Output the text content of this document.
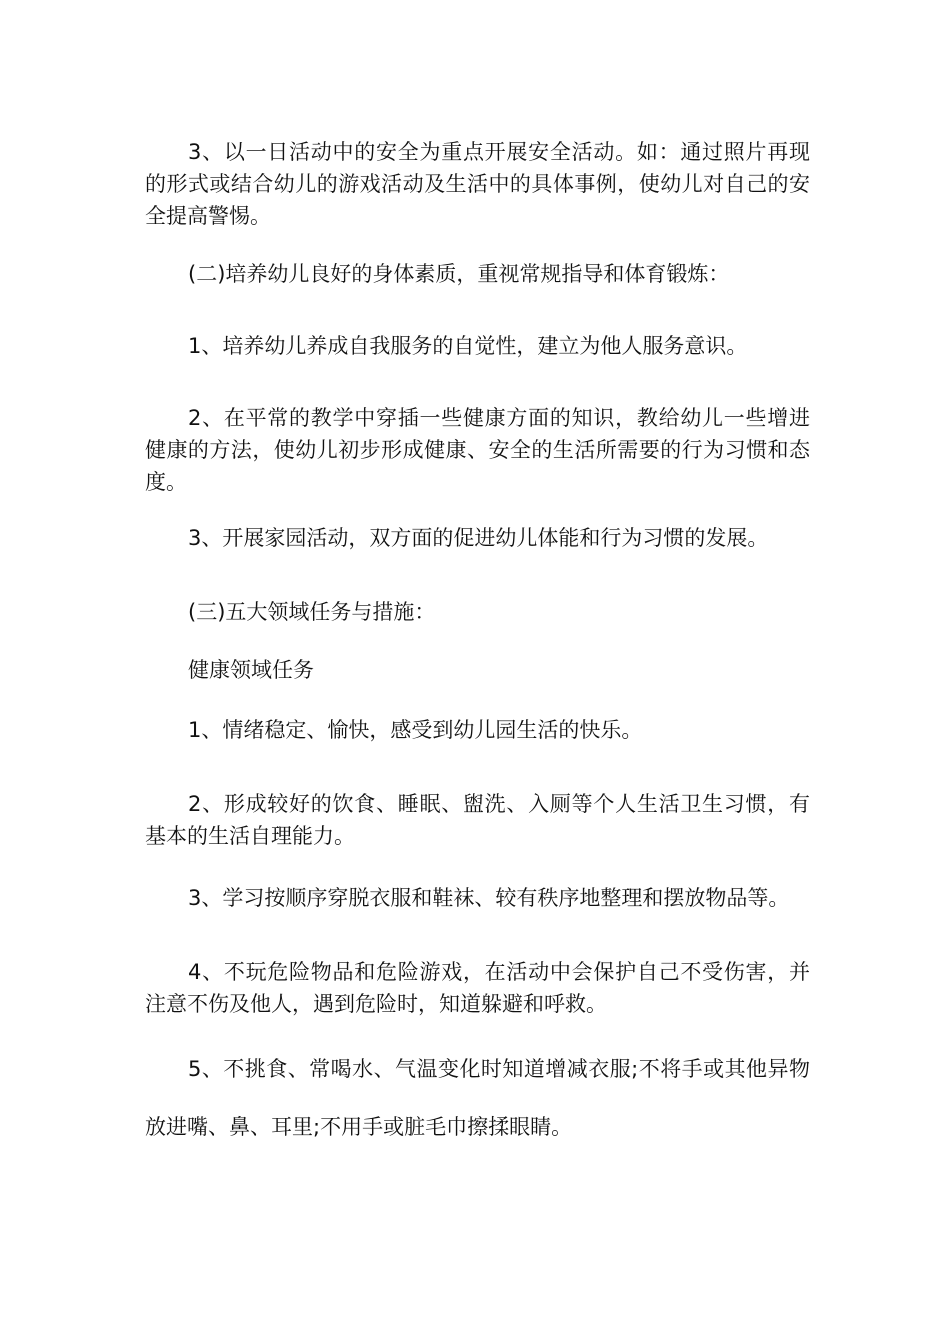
3、以一日活动中的安全为重点开展安全活动。如：通过照片再现的形式或结合幼儿的游戏活动及生活中的具体事例，使幼儿对自己的安全提高警惕。

(二)培养幼儿良好的身体素质，重视常规指导和体育锻炼：

1、培养幼儿养成自我服务的自觉性，建立为他人服务意识。

2、在平常的教学中穿插一些健康方面的知识，教给幼儿一些增进健康的方法，使幼儿初步形成健康、安全的生活所需要的行为习惯和态度。

3、开展家园活动，双方面的促进幼儿体能和行为习惯的发展。

(三)五大领域任务与措施：

健康领域任务

1、情绪稳定、愉快，感受到幼儿园生活的快乐。

2、形成较好的饮食、睡眠、盥洗、入厕等个人生活卫生习惯，有基本的生活自理能力。

3、学习按顺序穿脱衣服和鞋袜、较有秩序地整理和摆放物品等。

4、不玩危险物品和危险游戏，在活动中会保护自己不受伤害，并注意不伤及他人，遇到危险时，知道躲避和呼救。

5、不挑食、常喝水、气温变化时知道增减衣服;不将手或其他异物放进嘴、鼻、耳里;不用手或脏毛巾擦揉眼睛。
